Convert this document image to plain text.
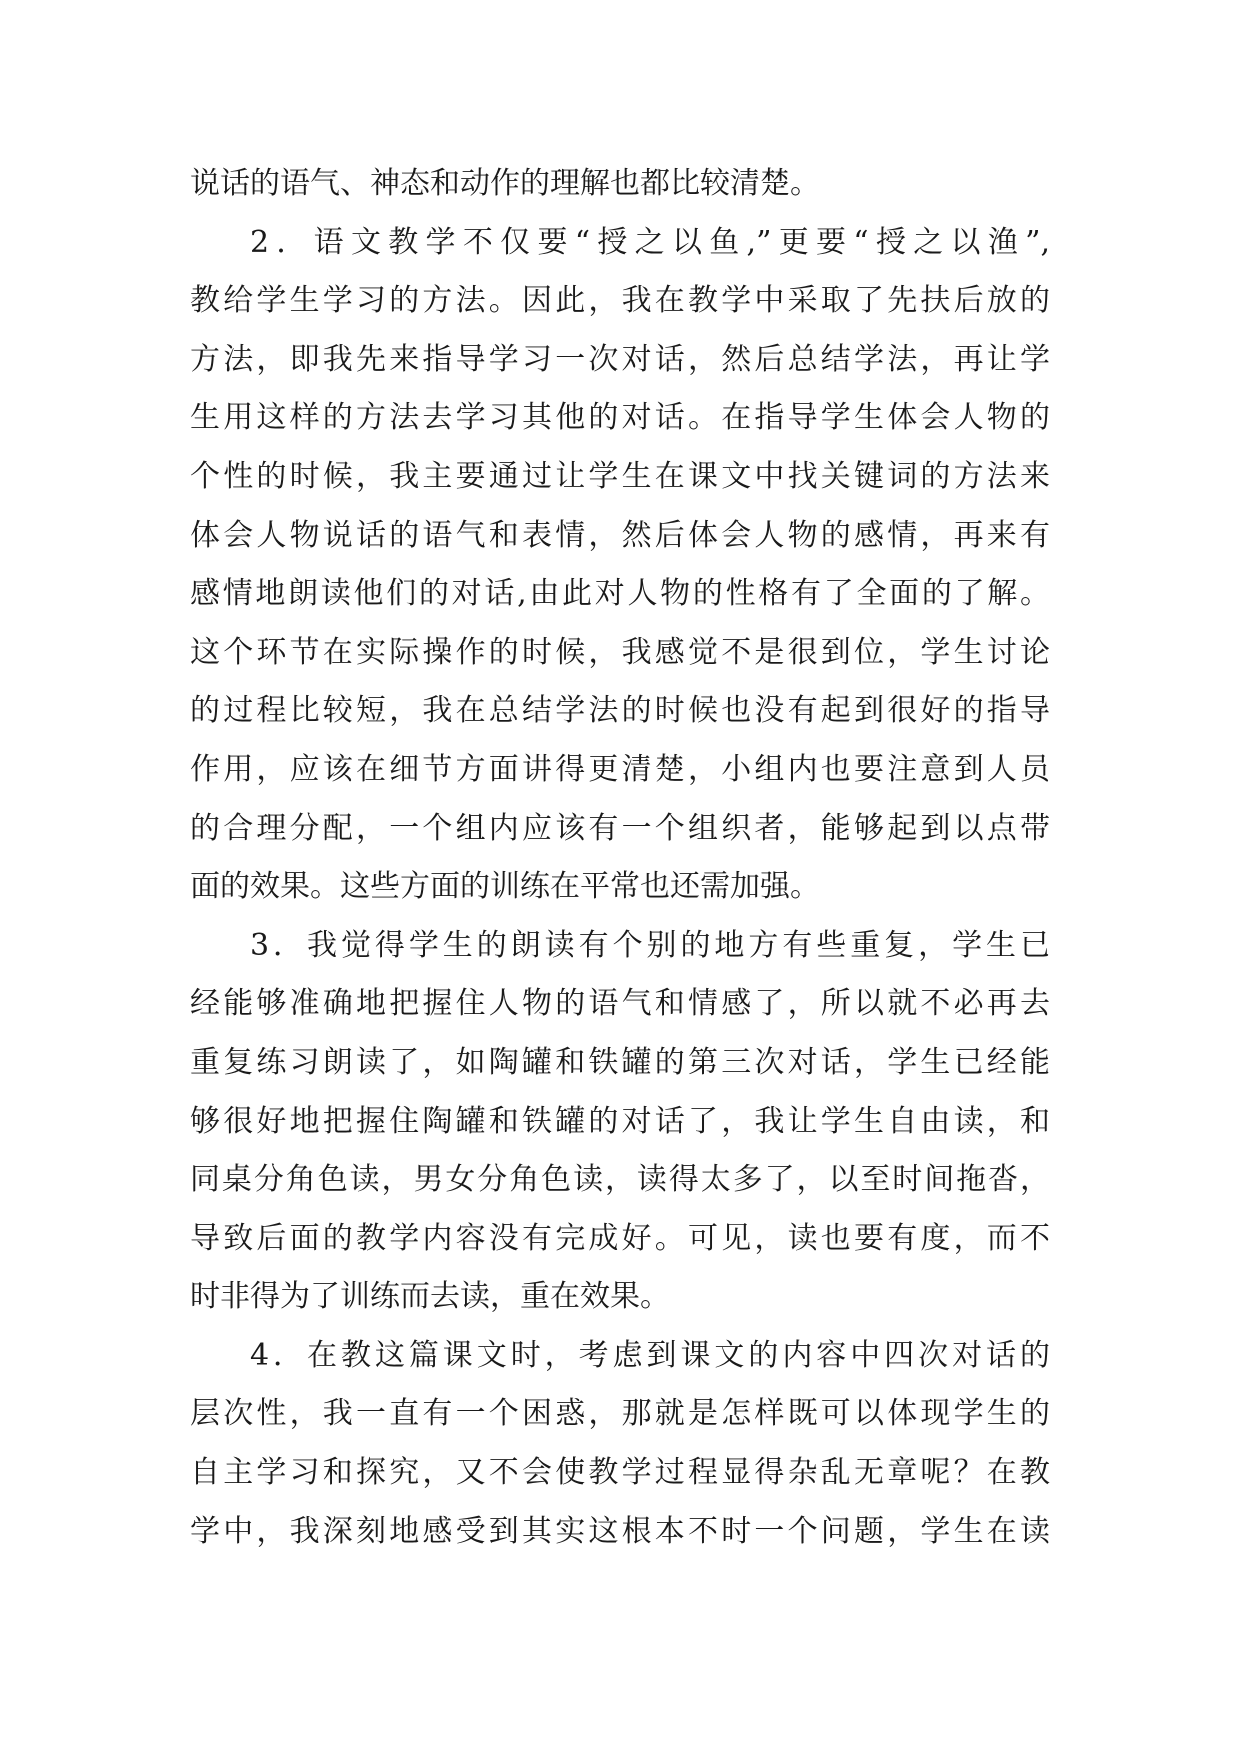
说话的语气、神态和动作的理解也都比较清楚。
2．语文教学不仅要“授之以鱼,”更要“授之以渔”,
教给学生学习的方法。因此，我在教学中采取了先扶后放的
方法，即我先来指导学习一次对话，然后总结学法，再让学
生用这样的方法去学习其他的对话。在指导学生体会人物的
个性的时候，我主要通过让学生在课文中找关键词的方法来
体会人物说话的语气和表情，然后体会人物的感情，再来有
感情地朗读他们的对话,由此对人物的性格有了全面的了解。
这个环节在实际操作的时候，我感觉不是很到位，学生讨论
的过程比较短，我在总结学法的时候也没有起到很好的指导
作用，应该在细节方面讲得更清楚，小组内也要注意到人员
的合理分配，一个组内应该有一个组织者，能够起到以点带
面的效果。这些方面的训练在平常也还需加强。
3．我觉得学生的朗读有个别的地方有些重复，学生已
经能够准确地把握住人物的语气和情感了，所以就不必再去
重复练习朗读了，如陶罐和铁罐的第三次对话，学生已经能
够很好地把握住陶罐和铁罐的对话了，我让学生自由读，和
同桌分角色读，男女分角色读，读得太多了，以至时间拖沓，
导致后面的教学内容没有完成好。可见，读也要有度，而不
时非得为了训练而去读，重在效果。
4．在教这篇课文时，考虑到课文的内容中四次对话的
层次性，我一直有一个困惑，那就是怎样既可以体现学生的
自主学习和探究，又不会使教学过程显得杂乱无章呢？在教
学中，我深刻地感受到其实这根本不时一个问题，学生在读
